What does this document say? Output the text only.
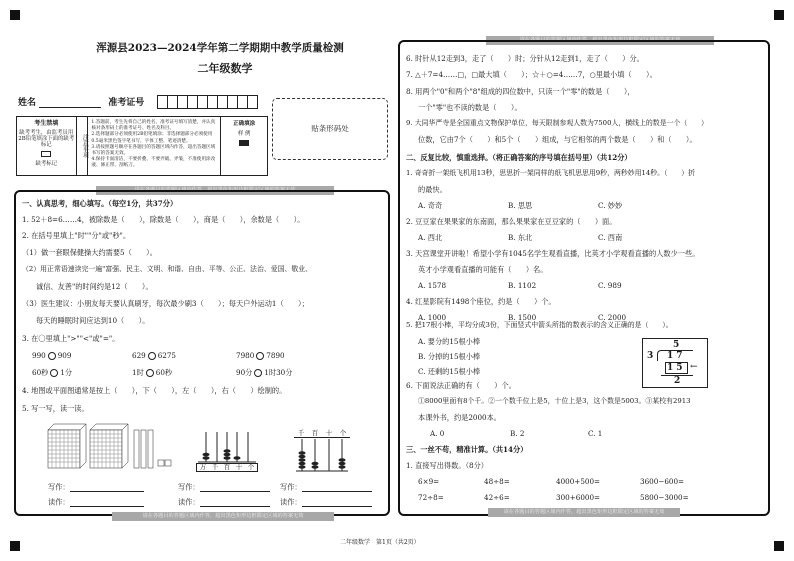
浑源县2023—2024学年第二学期期中教学质量检测
二年级数学
姓名	准考证号
贴条形码处
考生禁填
缺考考生，由监考员用2B铅笔填涂下面的缺考标记
缺考标记
注意事项
1.答题前，考生先将自己的姓名、准考证号填写清楚，并认真核对条形码上的准考证号、姓名及科目。
2.选择题部分必须使用2B铅笔填涂；非选择题部分必须使用0.5毫米黑色签字笔书写，字体工整、笔迹清楚。
3.请按照题号顺序在各题目的答题区域内作答，超出答题区域书写的答案无效。
4.保持卡面清洁，不要折叠、不要弄破、弄皱，不准使用涂改液、修正带、刮纸刀。
正确填涂
样 例
请在各题目的答题区域内作答，超出黑色矩形边框限定区域的答案无效
请在各题目的答题区域内作答，超出黑色矩形边框限定区域的答案无效
一、认真思考，细心填写。（每空1分，共37分）
1. 52＋8=6……4，被除数是（　　），除数是（　　），商是（　　），余数是（　　）。
2. 在括号里填上"时""分"或"秒"。
（1）做一套眼保健操大约需要5（　　）。
（2）用正常语速读完一遍"富强、民主、文明、和谐、自由、平等、公正、法治、爱国、敬业、
诚信、友善"的时间约是12（　　）。
（3）医生建议：小朋友每天要认真刷牙，每次最少刷3（　　）；每天户外运动1（　　）；
每天的睡眠时间应达到10（　　）。
3. 在〇里填上">""<"或"="。
990 909	629 6275	7980 7890
60秒 1分	1时 60秒	90分 1时30分
4. 地图或平面图通常是按上（　　），下（　　），左（　　），右（　　）绘制的。
5. 写一写，读一读。
万 千 百 十 个
千 百 十 个
写作：	写作：	写作：
读作：	读作：	读作：
请在各题目的答题区域内作答，超出黑色矩形边框限定区域的答案无效
请在各题目的答题区域内作答，超出黑色矩形边框限定区域的答案无效
6. 时针从12走到3，走了（　　）时；分针从12走到1，走了（　　）分。
7. △＋7=4……□，□最大填（　　）；☆＋○=4……7，○里最小填（　　）。
8. 用两个"0"和两个"8"组成的四位数中，只读一个"零"的数是（　　），
一个"零"也不读的数是（　　）。
9. 大同华严寺是全国重点文物保护单位，每天限制参观人数为7500人，横线上的数是一个（　　）
位数，它由7个（　　）和5个（　　）组成，与它相邻的两个数是（　　）和（　　）。
二、反复比较，慎重选择。（将正确答案的序号填在括号里）（共12分）
1. 奇奇折一架纸飞机用13秒，思思折一架同样的纸飞机思思用9秒，两秒妙用14秒。（　　）折
的最快。
A. 奇奇	B. 思思	C. 妙妙
2. 豆豆家在果果家的东南面，那么果果家在豆豆家的（　　）面。
A. 西北	B. 东北	C. 西南
3. 天宫课堂开讲啦！希望小学有1045名学生观看直播，比英才小学观看直播的人数少一些。
英才小学观看直播的可能有（　　）名。
A. 1578	B. 1102	C. 989
4. 红星影院有1498个座位，约是（　　）个。
A. 1000	B. 1500	C. 2000
5. 把17根小棒，平均分成3份，下面竖式中箭头所指的数表示的含义正确的是（　　）。
A. 要分的15根小棒
B. 分掉的15根小棒
C. 还剩的15根小棒
5
3 17
15 ←
2
6. 下面说法正确的有（　　）个。
①8000里面有8个千。②一个数千位上是5，十位上是3，这个数是5003。③某校有2913
本课外书，约是2000本。
A. 0	B. 2	C. 1
三、一丝不苟，精准计算。（共14分）
1. 直接写出得数。（8分）
6×9=	48÷8=	4000+500=	3600−600=
72÷8=	42÷6=	300+6000=	5800−3000=
二年级数学　第1页（共2页）
